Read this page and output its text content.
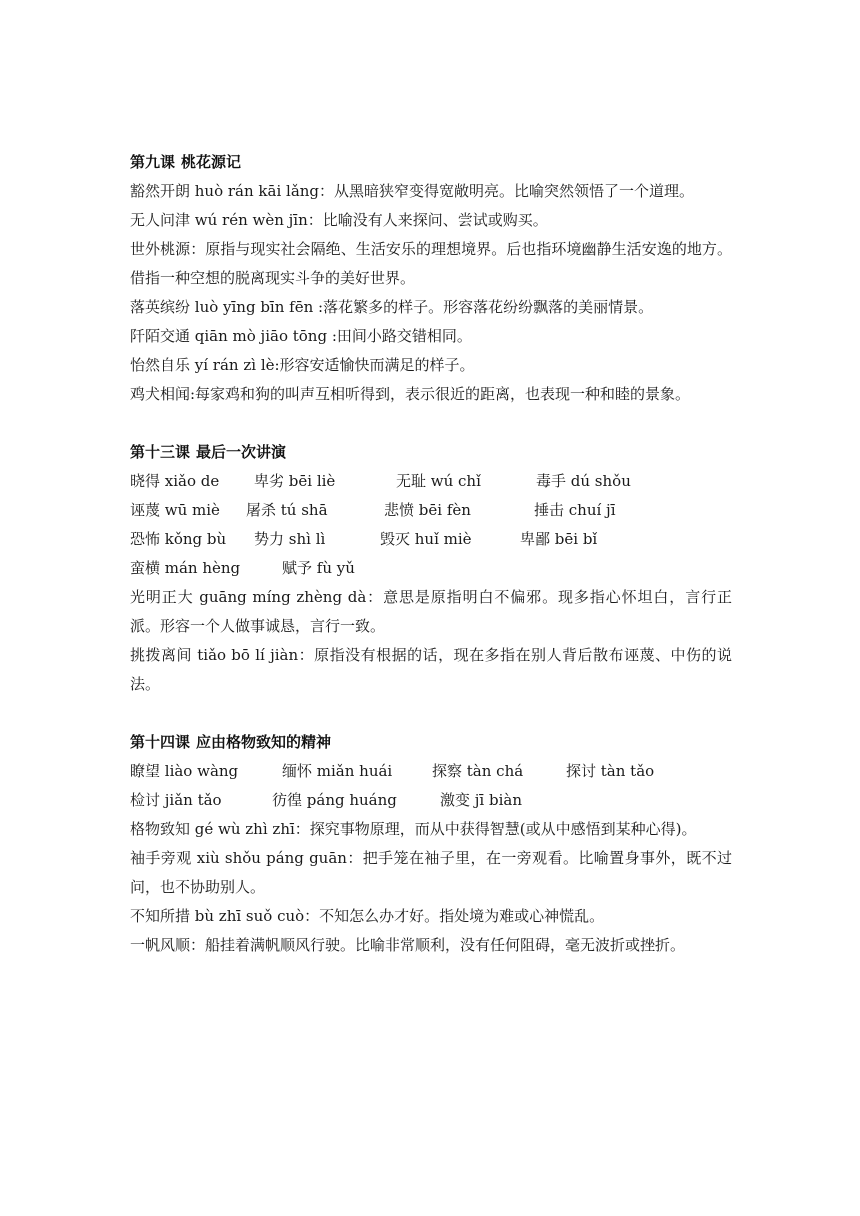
第九课 桃花源记

豁然开朗 huò rán kāi lǎng：从黑暗狭窄变得宽敞明亮。比喻突然领悟了一个道理。

无人问津 wú rén wèn jīn：比喻没有人来探问、尝试或购买。

世外桃源：原指与现实社会隔绝、生活安乐的理想境界。后也指环境幽静生活安逸的地方。借指一种空想的脱离现实斗争的美好世界。

落英缤纷 luò yīng bīn fēn :落花繁多的样子。形容落花纷纷飘落的美丽情景。

阡陌交通 qiān mò jiāo tōng :田间小路交错相同。

怡然自乐 yí rán zì lè:形容安适愉快而满足的样子。

鸡犬相闻:每家鸡和狗的叫声互相听得到，表示很近的距离，也表现一种和睦的景象。

第十三课 最后一次讲演
晓得 xiǎo de	卑劣 bēi liè	无耻 wú chǐ	毒手 dú shǒu
诬蔑 wū miè	屠杀 tú shā	悲愤 bēi fèn	捶击 chuí jī
恐怖 kǒng bù	势力 shì lì	毁灭 huǐ miè	卑鄙 bēi bǐ
蛮横 mán hèng	赋予 fù yǔ

光明正大 guāng míng zhèng dà：意思是原指明白不偏邪。现多指心怀坦白，言行正派。形容一个人做事诚恳，言行一致。

挑拨离间 tiǎo bō lí jiàn：原指没有根据的话，现在多指在别人背后散布诬蔑、中伤的说法。

第十四课 应由格物致知的精神
瞭望 liào wàng	缅怀 miǎn huái	探察 tàn chá	探讨 tàn tǎo
检讨 jiǎn tǎo	彷徨 páng huáng	激变 jī biàn

格物致知 gé wù zhì zhī：探究事物原理，而从中获得智慧(或从中感悟到某种心得)。

袖手旁观 xiù shǒu páng guān：把手笼在袖子里，在一旁观看。比喻置身事外，既不过问，也不协助别人。

不知所措 bù zhī suǒ cuò：不知怎么办才好。指处境为难或心神慌乱。

一帆风顺：船挂着满帆顺风行驶。比喻非常顺利，没有任何阻碍，毫无波折或挫折。
